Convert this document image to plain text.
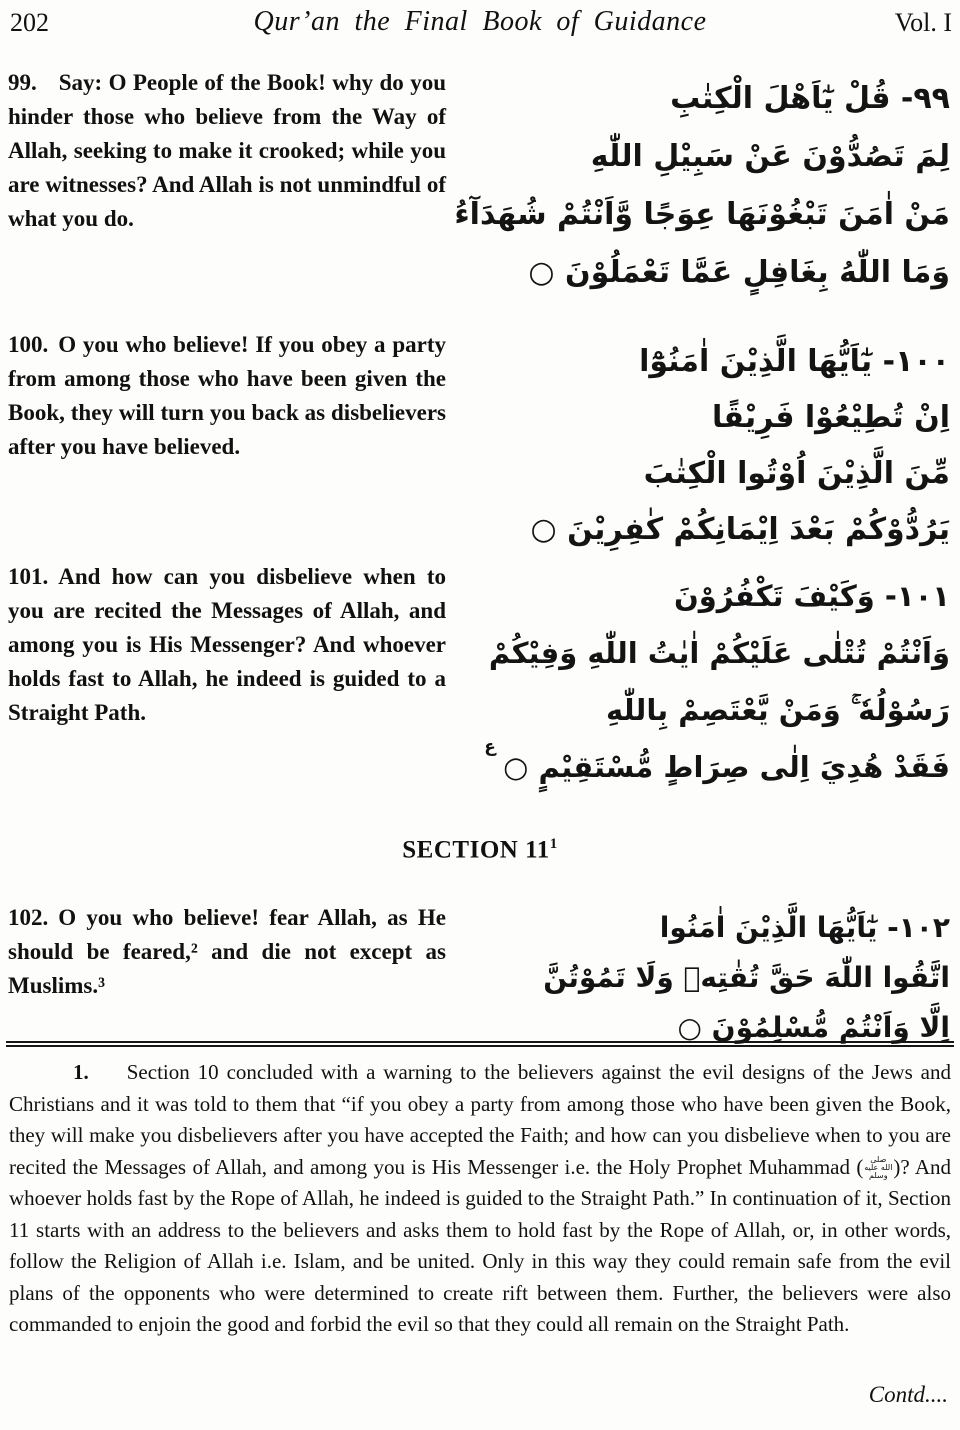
202	Qur’an the Final Book of Guidance	Vol. I
99. Say: O People of the Book! why do you hinder those who believe from the Way of Allah, seeking to make it crooked; while you are witnesses? And Allah is not unmindful of what you do.
٩٩- قُلْ يٰٓاَهْلَ الْكِتٰبِ
لِمَ تَصُدُّوْنَ عَنْ سَبِيْلِ اللّٰهِ
مَنْ اٰمَنَ تَبْغُوْنَهَا عِوَجًا وَّاَنْتُمْ شُهَدَآءُ
وَمَا اللّٰهُ بِغَافِلٍ عَمَّا تَعْمَلُوْنَ ○
100. O you who believe! If you obey a party from among those who have been given the Book, they will turn you back as disbelievers after you have believed.
١٠٠- يٰٓاَيُّهَا الَّذِيْنَ اٰمَنُوْٓا
اِنْ تُطِيْعُوْا فَرِيْقًا
مِّنَ الَّذِيْنَ اُوْتُوا الْكِتٰبَ
يَرُدُّوْكُمْ بَعْدَ اِيْمَانِكُمْ كٰفِرِيْنَ ○
101. And how can you disbelieve when to you are recited the Messages of Allah, and among you is His Messenger? And whoever holds fast to Allah, he indeed is guided to a Straight Path.
١٠١- وَكَيْفَ تَكْفُرُوْنَ
وَاَنْتُمْ تُتْلٰى عَلَيْكُمْ اٰيٰتُ اللّٰهِ وَفِيْكُمْ
رَسُوْلُهٗ ۚ وَمَنْ يَّعْتَصِمْ بِاللّٰهِ
فَقَدْ هُدِيَ اِلٰى صِرَاطٍ مُّسْتَقِيْمٍ ○
ع
SECTION $11^1$
102. O you who believe! fear Allah, as He should be feared,² and die not except as Muslims.³
١٠٢- يٰٓاَيُّهَا الَّذِيْنَ اٰمَنُوا
اتَّقُوا اللّٰهَ حَقَّ تُقٰتِهٖ وَلَا تَمُوْتُنَّ
اِلَّا وَاَنْتُمْ مُّسْلِمُوْنَ ○
1. Section 10 concluded with a warning to the believers against the evil designs of the Jews and Christians and it was told to them that “if you obey a party from among those who have been given the Book, they will make you disbelievers after you have accepted the Faith; and how can you disbelieve when to you are recited the Messages of Allah, and among you is His Messenger i.e. the Holy Prophet Muhammad ( صلى الله عليه وسلم )? And whoever holds fast by the Rope of Allah, he indeed is guided to the Straight Path.” In continuation of it, Section 11 starts with an address to the believers and asks them to hold fast by the Rope of Allah, or, in other words, follow the Religion of Allah i.e. Islam, and be united. Only in this way they could remain safe from the evil plans of the opponents who were determined to create rift between them. Further, the believers were also commanded to enjoin the good and forbid the evil so that they could all remain on the Straight Path.
Contd....
